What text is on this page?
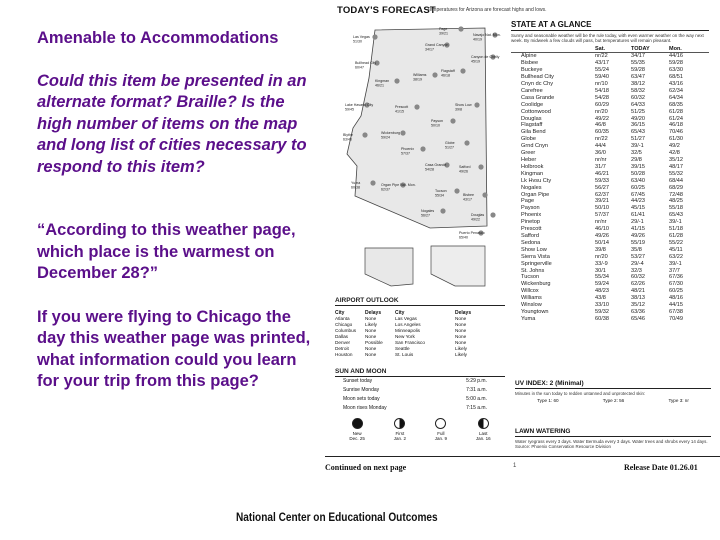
Amenable to Accommodations
Could this item be presented in an alternate format? Braille? Is the high number of items on the map and long list of cities necessary to respond to this item?
“According to this weather page, which place is the warmest on December 28?”
If you were flying to Chicago the day this weather page was printed, what information could you learn for your trip from this page?
TODAY'S FORECAST
Temperatures for Arizona are forecast highs and lows.
Las Vegas
51/30
Page
39/21	Navajo Nat. Mon.
40/19
Grand Canyon
34/17
Canyon de Chelly
45/19
Bullhead City
60/47
Kingman
46/21
Flagstaff
46/18
Williams
38/19
Lake Havasu City
59/45
Prescott
41/15
Show Low
39/8
Blythe
63/40
Wickenburg
59/24
Payson
50/10
Phoenix
57/37
Globe
51/27
Yuma
60/38
Casa Grande
54/28
Safford
49/26
Tucson
55/34
Organ Pipe Nat. Mon.
62/37
Nogales
56/27
Bisbee
43/17
Douglas
49/22
Puerto Penasco
65/40
STATE AT A GLANCE
Sunny and seasonable weather will be the rule today, with even warmer weather on the way next week. By midweek a few clouds will pass, but temperatures will remain pleasant.
Sat.	TODAY	Mon.
Alpine	nr/22	34/17	44/16
Bisbee	43/17	55/35	59/28
Buckeye	55/24	59/28	63/30
Bullhead City	59/40	63/47	68/51
Cnyn dc Chy	nr/10	38/12	43/16
Carefree	54/18	58/32	62/34
Casa Grande	54/28	60/32	64/34
Coolidge	60/29	64/33	68/35
Cottonwood	nr/20	51/25	61/28
Douglas	49/22	49/20	61/24
Flagstaff	46/8	36/15	46/18
Gila Bend	60/35	65/43	70/46
Globe	nr/22	51/27	61/30
Grnd Cnyn	44/4	39/-1	49/2
Greer	36/0	32/5	42/8
Heber	nr/nr	29/8	35/12
Holbrook	31/7	39/15	48/17
Kingman	46/21	50/28	55/32
Lk Hvsu Cty	59/33	63/40	68/44
Nogales	56/27	60/25	68/29
Organ Pipe	62/37	67/45	72/48
Page	39/21	44/23	48/25
Payson	50/10	45/15	55/18
Phoenix	57/37	61/41	65/43
Pinetop	nr/nr	29/-1	39/-1
Prescott	46/10	41/15	51/18
Safford	49/26	49/26	61/28
Sedona	50/14	55/19	55/22
Show Low	39/8	35/8	45/11
Sierra Vista	nr/20	53/27	63/22
Springerville	33/-9	29/-4	39/-1
St. Johns	30/1	32/3	37/7
Tucson	55/34	60/32	67/36
Wickenburg	59/24	62/26	67/30
Willcox	48/23	48/21	60/25
Williams	43/8	38/13	48/16
Winslow	33/10	35/12	44/15
Youngtown	59/32	63/36	67/38
Yuma	60/38	65/46	70/49
AIRPORT OUTLOOK
City	Delays	City	Delays
Atlanta	None	Las Vegas	None
Chicago	Likely	Los Angeles	None
Columbus	None	Minneapolis	None
Dallas	None	New York	None
Denver	Possible	San Francisco	None
Detroit	None	Seattle	Likely
Houston	None	St. Louis	Likely
SUN AND MOON
Sunset today	5:29 p.m.
Sunrise Monday	7:31 a.m.
Moon sets today	5:00 a.m.
Moon rises Monday	7:15 a.m.
New
Dec. 25
First
Jan. 2
Full
Jan. 9
Last
Jan. 16
UV INDEX: 2 (Minimal)
Minutes in the sun today to redden untanned and unprotected skin:
Type 1: 60	Type 2: 56	Type 3: nr
LAWN WATERING
Water ryegrass every 3 days. Water Bermuda every 3 days. Water trees and shrubs every 14 days. Source: Phoenix Conservation Resource Division
Continued on next page	1	Release Date 01.26.01
National Center on Educational Outcomes
